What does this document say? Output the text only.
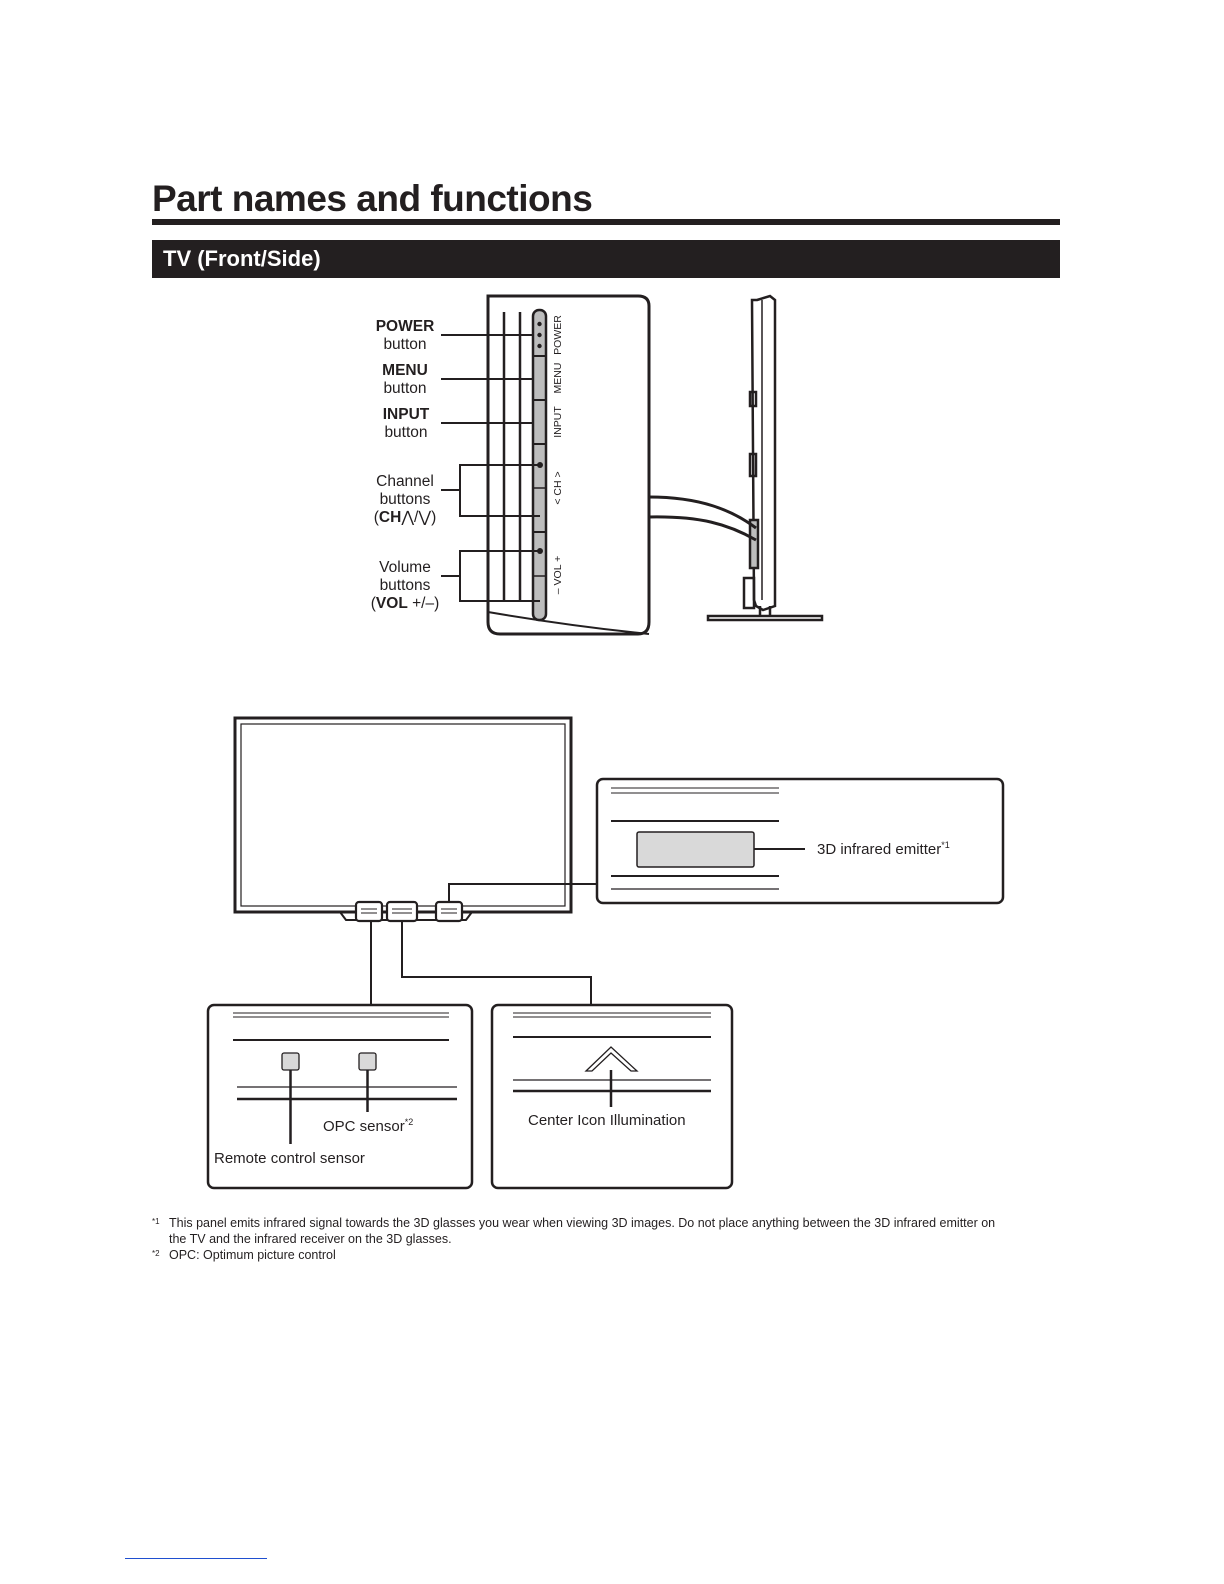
Part names and functions
TV (Front/Side)
POWER
MENU
INPUT
< CH >
– VOL +
POWER
button
MENU
button
INPUT
button
Channel
buttons
(CH⋀/⋁)
Volume
buttons
(VOL +/–)
3D infrared emitter$^{*1}$
OPC sensor$^{*2}$
Remote control sensor
Center Icon Illumination
*1 This panel emits infrared signal towards the 3D glasses you wear when viewing 3D images. Do not place anything between the 3D infrared emitter on
the TV and the infrared receiver on the 3D glasses.
*2 OPC: Optimum picture control
